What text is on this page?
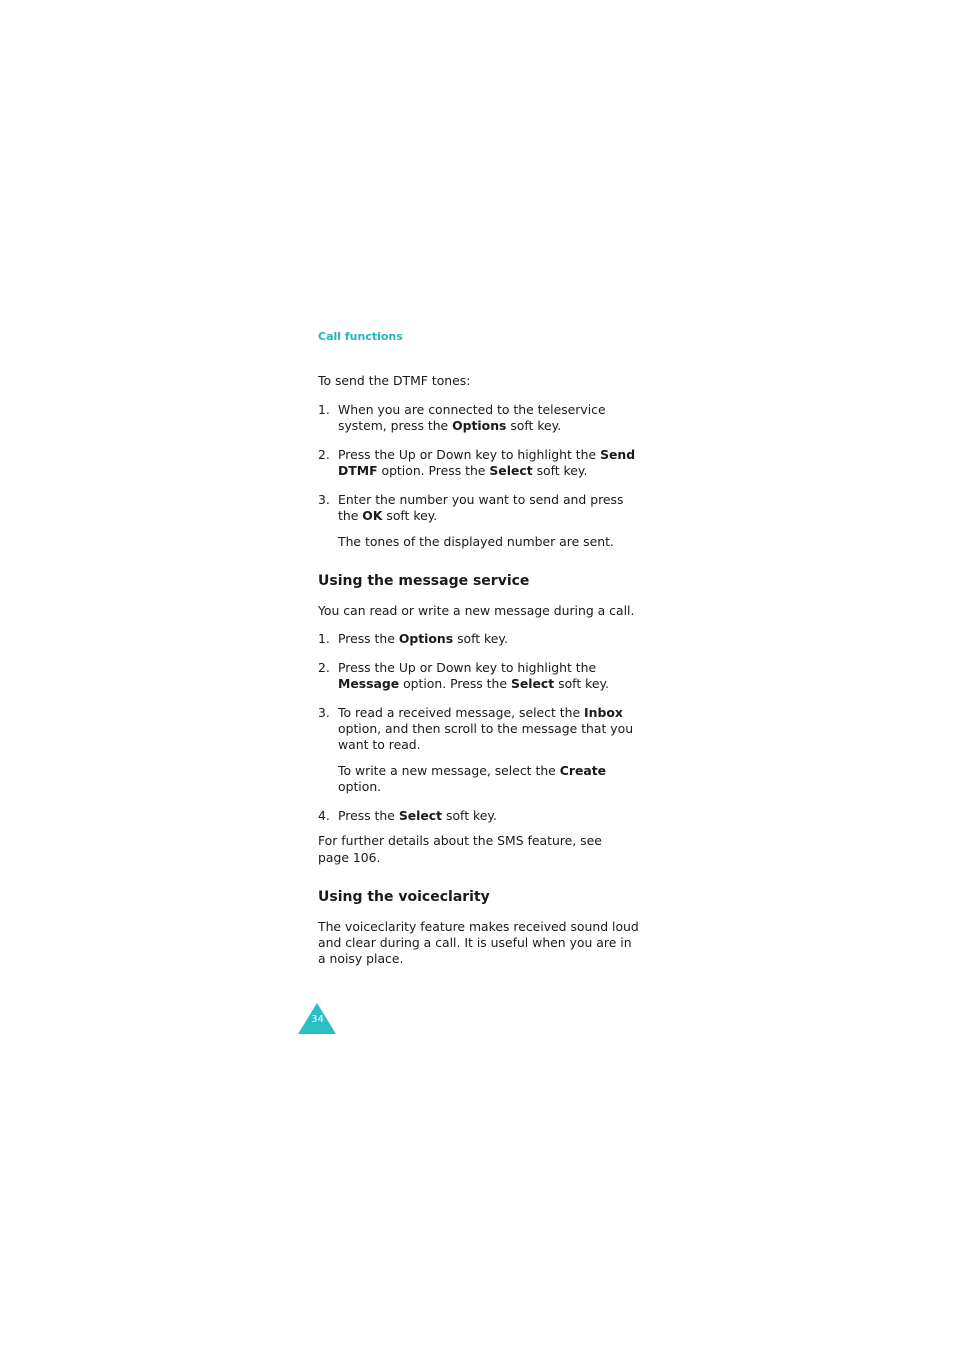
Call functions
To send the DTMF tones:
1. When you are connected to the teleservice
system, press the Options soft key.
2. Press the Up or Down key to highlight the Send
DTMF option. Press the Select soft key.
3. Enter the number you want to send and press
the OK soft key.
The tones of the displayed number are sent.
Using the message service
You can read or write a new message during a call.
1. Press the Options soft key.
2. Press the Up or Down key to highlight the
Message option. Press the Select soft key.
3. To read a received message, select the Inbox
option, and then scroll to the message that you
want to read.
To write a new message, select the Create
option.
4. Press the Select soft key.
For further details about the SMS feature, see
page 106.
Using the voiceclarity
The voiceclarity feature makes received sound loud
and clear during a call. It is useful when you are in
a noisy place.
34
